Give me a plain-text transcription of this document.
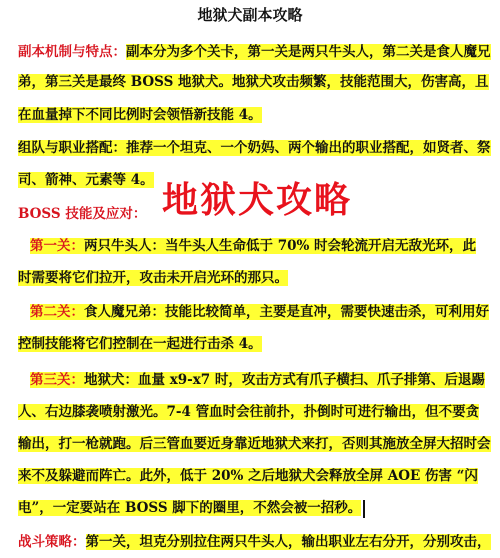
地狱犬副本攻略
副本机制与特点：副本分为多个关卡，第一关是两只牛头人，第二关是食人魔兄
弟，第三关是最终 BOSS 地狱犬。地狱犬攻击频繁，技能范围大，伤害高，且
在血量掉下不同比例时会领悟新技能 4。
组队与职业搭配：推荐一个坦克、一个奶妈、两个输出的职业搭配，如贤者、祭
司、箭神、元素等 4。 地狱犬攻略
BOSS 技能及应对：
第一关：两只牛头人：当牛头人生命低于 70% 时会轮流开启无敌光环，此
时需要将它们拉开，攻击未开启光环的那只。
第二关：食人魔兄弟：技能比较简单，主要是直冲，需要快速击杀，可利用好
控制技能将它们控制在一起进行击杀 4。
第三关：地狱犬：血量 x9-x7 时，攻击方式有爪子横扫、爪子排第、后退踢
人、右边膝袭喷射激光。7-4 管血时会往前扑，扑倒时可进行输出，但不要贪
输出，打一枪就跑。后三管血要近身靠近地狱犬来打，否则其施放全屏大招时会
来不及躲避而阵亡。此外，低于 20% 之后地狱犬会释放全屏 AOE 伤害 “闪
电”，一定要站在 BOSS 脚下的圈里，不然会被一招秒。
战斗策略：第一关，坦克分别拉住两只牛头人，输出职业左右分开，分别攻击，
